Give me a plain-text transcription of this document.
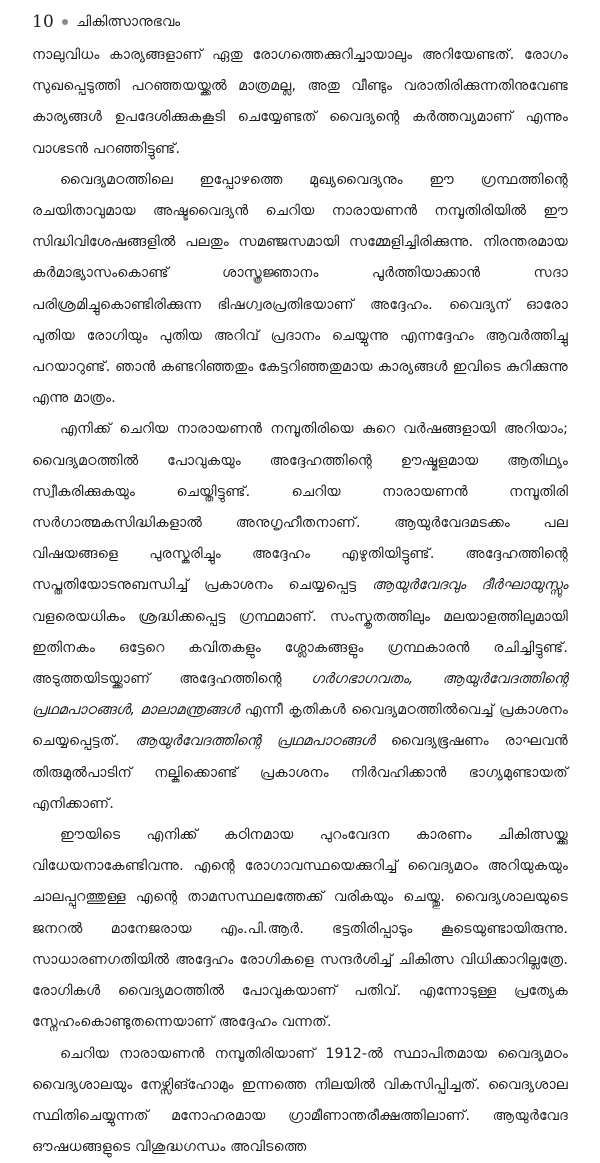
10 ചികിത്സാനുഭവം

നാലുവിധം കാര്യങ്ങളാണ് ഏതു രോഗത്തെക്കുറിച്ചായാലും അറിയേണ്ടത്. രോഗം സുഖപ്പെടുത്തി പറഞ്ഞയയ്ക്കൽ മാത്രമല്ല, അതു വീണ്ടും വരാതിരിക്കുന്നതിനുവേണ്ട കാര്യങ്ങൾ ഉപദേശിക്കുകകൂടി ചെയ്യേണ്ടത് വൈദ്യന്റെ കർത്തവ്യമാണ് എന്നും വാഗ്ഭടൻ പറഞ്ഞിട്ടുണ്ട്.

വൈദ്യമഠത്തിലെ ഇപ്പോഴത്തെ മുഖ്യവൈദ്യനും ഈ ഗ്രന്ഥത്തിന്റെ രചയിതാവുമായ അഷ്ടവൈദ്യൻ ചെറിയ നാരായണൻ നമ്പൂതിരിയിൽ ഈ സിദ്ധിവിശേഷങ്ങളിൽ പലതും സമഞ്ജസമായി സമ്മേളിച്ചിരിക്കുന്നു. നിരന്തരമായ കർമാഭ്യാസംകൊണ്ട് ശാസ്ത്രജ്ഞാനം പൂർത്തിയാക്കാൻ സദാ പരിശ്രമിച്ചുകൊണ്ടിരിക്കുന്ന ഭിഷഗ്വരപ്രതിഭയാണ് അദ്ദേഹം. വൈദ്യന് ഓരോ പുതിയ രോഗിയും പുതിയ അറിവ് പ്രദാനം ചെയ്യുന്നു എന്നദ്ദേഹം ആവർത്തിച്ചു പറയാറുണ്ട്. ഞാൻ കണ്ടറിഞ്ഞതും കേട്ടറിഞ്ഞതുമായ കാര്യങ്ങൾ ഇവിടെ കുറിക്കുന്നു എന്നു മാത്രം.

എനിക്ക് ചെറിയ നാരായണൻ നമ്പൂതിരിയെ കുറെ വർഷങ്ങളായി അറിയാം; വൈദ്യമഠത്തിൽ പോവുകയും അദ്ദേഹത്തിന്റെ ഊഷ്മളമായ ആതിഥ്യം സ്വീകരിക്കുകയും ചെയ്തിട്ടുണ്ട്. ചെറിയ നാരായണൻ നമ്പൂതിരി സർഗാത്മകസിദ്ധികളാൽ അനുഗൃഹീതനാണ്. ആയുർവേദമടക്കം പല വിഷയങ്ങളെ പുരസ്കരിച്ചും അദ്ദേഹം എഴുതിയിട്ടുണ്ട്. അദ്ദേഹത്തിന്റെ സപ്തതിയോടനുബന്ധിച്ച് പ്രകാശനം ചെയ്യപ്പെട്ട ആയുർവേദവും ദീർഘായുസ്സും വളരെയധികം ശ്രദ്ധിക്കപ്പെട്ട ഗ്രന്ഥമാണ്. സംസ്കൃതത്തിലും മലയാളത്തിലുമായി ഇതിനകം ഒട്ടേറെ കവിതകളും ശ്ലോകങ്ങളും ഗ്രന്ഥകാരൻ രചിച്ചിട്ടുണ്ട്. അടുത്തയിടയ്ക്കാണ് അദ്ദേഹത്തിന്റെ ഗർഗഭാഗവതം, ആയുർവേദത്തിന്റെ പ്രഥമപാഠങ്ങൾ, മാലാമന്ത്രങ്ങൾ എന്നീ കൃതികൾ വൈദ്യമഠത്തിൽവെച്ച് പ്രകാശനം ചെയ്യപ്പെട്ടത്. ആയുർവേദത്തിന്റെ പ്രഥമപാഠങ്ങൾ വൈദ്യഭൂഷണം രാഘവൻ തിരുമുൽപാടിന് നല്കിക്കൊണ്ട് പ്രകാശനം നിർവഹിക്കാൻ ഭാഗ്യമുണ്ടായത് എനിക്കാണ്.

ഈയിടെ എനിക്ക് കഠിനമായ പുറംവേദന കാരണം ചികിത്സയ്ക്കു വിധേയനാകേണ്ടിവന്നു. എന്റെ രോഗാവസ്ഥയെക്കുറിച്ച് വൈദ്യമഠം അറിയുകയും ചാലപ്പുറത്തുള്ള എന്റെ താമസസ്ഥലത്തേക്ക് വരികയും ചെയ്തു. വൈദ്യശാലയുടെ ജനറൽ മാനേജരായ എം.പി.ആർ. ഭട്ടതിരിപ്പാടും കൂടെയുണ്ടായിരുന്നു. സാധാരണഗതിയിൽ അദ്ദേഹം രോഗികളെ സന്ദർശിച്ച് ചികിത്സ വിധിക്കാറില്ലത്രേ. രോഗികൾ വൈദ്യമഠത്തിൽ പോവുകയാണ് പതിവ്. എന്നോടുള്ള പ്രത്യേക സ്നേഹംകൊണ്ടുതന്നെയാണ് അദ്ദേഹം വന്നത്.

ചെറിയ നാരായണൻ നമ്പൂതിരിയാണ് 1912-ൽ സ്ഥാപിതമായ വൈദ്യമഠം വൈദ്യശാലയും നേഴ്സിങ്ഹോമും ഇന്നത്തെ നിലയിൽ വികസിപ്പിച്ചത്. വൈദ്യശാല സ്ഥിതിചെയ്യുന്നത് മനോഹരമായ ഗ്രാമീണാന്തരീക്ഷത്തിലാണ്. ആയുർവേദ ഔഷധങ്ങളുടെ വിശുദ്ധഗന്ധം അവിടത്തെ
